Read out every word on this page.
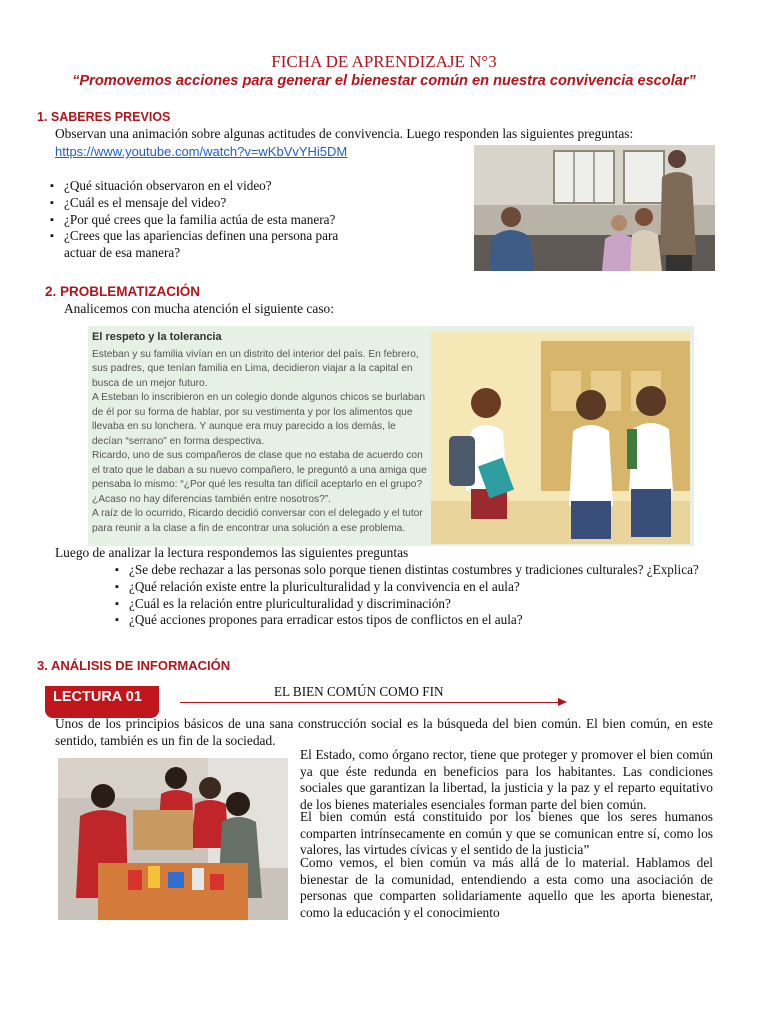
FICHA DE APRENDIZAJE N°3
“Promovemos acciones para generar el bienestar común en nuestra convivencia escolar”
1. SABERES PREVIOS
Observan una animación sobre algunas actitudes de convivencia. Luego responden las siguientes preguntas:
https://www.youtube.com/watch?v=wKbVvYHi5DM
▪ ¿Qué situación observaron en el video?
▪ ¿Cuál es el mensaje del video?
▪ ¿Por qué crees que la familia actúa de esta manera?
▪ ¿Crees que las apariencias definen una persona para actuar de esa manera?
2. PROBLEMATIZACIÓN
Analicemos con mucha atención el siguiente caso:
El respeto y la tolerancia

Esteban y su familia vivían en un distrito del interior del país. En febrero, sus padres, que tenían familia en Lima, decidieron viajar a la capital en busca de un mejor futuro.

A Esteban lo inscribieron en un colegio donde algunos chicos se burlaban de él por su forma de hablar, por su vestimenta y por los alimentos que llevaba en su lonchera. Y aunque era muy parecido a los demás, le decían “serrano” en forma despectiva.

Ricardo, uno de sus compañeros de clase que no estaba de acuerdo con el trato que le daban a su nuevo compañero, le preguntó a una amiga que pensaba lo mismo: “¿Por qué les resulta tan difícil aceptarlo en el grupo? ¿Acaso no hay diferencias también entre nosotros?”.

A raíz de lo ocurrido, Ricardo decidió conversar con el delegado y el tutor para reunir a la clase a fin de encontrar una solución a ese problema.

Luego de analizar la lectura respondemos las siguientes preguntas
▪ ¿Se debe rechazar a las personas solo porque tienen distintas costumbres y tradiciones culturales? ¿Explica?
▪ ¿Qué relación existe entre la pluriculturalidad y la convivencia en el aula?
▪ ¿Cuál es la relación entre pluriculturalidad y discriminación?
▪ ¿Qué acciones propones para erradicar estos tipos de conflictos en el aula?
3. ANÁLISIS DE INFORMACIÓN
LECTURA 01	EL BIEN COMÚN COMO FIN
Unos de los principios básicos de una sana construcción social es la búsqueda del bien común. El bien común, en este sentido, también es un fin de la sociedad.
El Estado, como órgano rector, tiene que proteger y promover el bien común ya que éste redunda en beneficios para los habitantes. Las condiciones sociales que garantizan la libertad, la justicia y la paz y el reparto equitativo de los bienes materiales esenciales forman parte del bien común.
El bien común está constituido por los bienes que los seres humanos comparten intrínsecamente en común y que se comunican entre sí, como los valores, las virtudes cívicas y el sentido de la justicia”
Como vemos, el bien común va más allá de lo material. Hablamos del bienestar de la comunidad, entendiendo a esta como una asociación de personas que comparten solidariamente aquello que les aporta bienestar, como la educación y el conocimiento
